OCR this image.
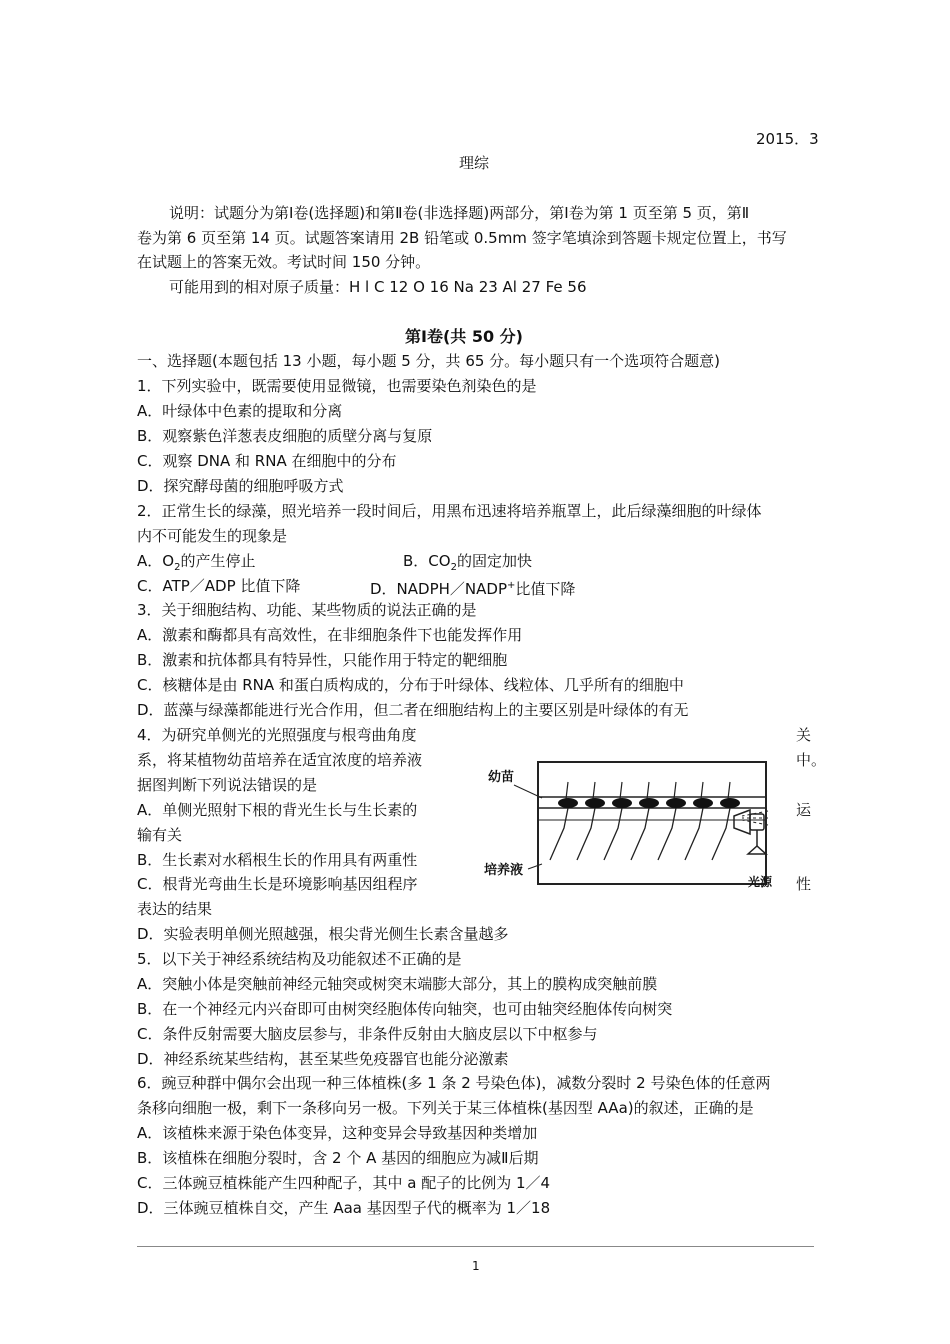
2015．3
理综
说明：试题分为第Ⅰ卷(选择题)和第Ⅱ卷(非选择题)两部分，第Ⅰ卷为第 1 页至第 5 页，第Ⅱ
卷为第 6 页至第 14 页。试题答案请用 2B 铅笔或 0.5mm 签字笔填涂到答题卡规定位置上，书写
在试题上的答案无效。考试时间 150 分钟。
可能用到的相对原子质量：H l C 12 O 16 Na 23 Al 27 Fe 56
第Ⅰ卷(共 50 分)
一、选择题(本题包括 13 小题，每小题 5 分，共 65 分。每小题只有一个选项符合题意)
1．下列实验中，既需要使用显微镜，也需要染色剂染色的是
A．叶绿体中色素的提取和分离
B．观察紫色洋葱表皮细胞的质壁分离与复原
C．观察 DNA 和 RNA 在细胞中的分布
D．探究酵母菌的细胞呼吸方式
2．正常生长的绿藻，照光培养一段时间后，用黑布迅速将培养瓶罩上，此后绿藻细胞的叶绿体
内不可能发生的现象是
A．$O_2$的产生停止	B．$CO_2$的固定加快
C．ATP／ADP 比值下降	D．NADPH／NADP+比值下降
3．关于细胞结构、功能、某些物质的说法正确的是
A．激素和酶都具有高效性，在非细胞条件下也能发挥作用
B．激素和抗体都具有特异性，只能作用于特定的靶细胞
C．核糖体是由 RNA 和蛋白质构成的，分布于叶绿体、线粒体、几乎所有的细胞中
D．蓝藻与绿藻都能进行光合作用，但二者在细胞结构上的主要区别是叶绿体的有无
4．为研究单侧光的光照强度与根弯曲角度	关
系，将某植物幼苗培养在适宜浓度的培养液	中。
据图判断下列说法错误的是
A．单侧光照射下根的背光生长与生长素的	运
输有关
B．生长素对水稻根生长的作用具有两重性
C．根背光弯曲生长是环境影响基因组程序	性
表达的结果
D．实验表明单侧光照越强，根尖背光侧生长素含量越多
幼苗
培养液
光源
5．以下关于神经系统结构及功能叙述不正确的是
A．突触小体是突触前神经元轴突或树突末端膨大部分，其上的膜构成突触前膜
B．在一个神经元内兴奋即可由树突经胞体传向轴突，也可由轴突经胞体传向树突
C．条件反射需要大脑皮层参与，非条件反射由大脑皮层以下中枢参与
D．神经系统某些结构，甚至某些免疫器官也能分泌激素
6．豌豆种群中偶尔会出现一种三体植株(多 1 条 2 号染色体)，减数分裂时 2 号染色体的任意两
条移向细胞一极，剩下一条移向另一极。下列关于某三体植株(基因型 AAa)的叙述，正确的是
A．该植株来源于染色体变异，这种变异会导致基因种类增加
B．该植株在细胞分裂时，含 2 个 A 基因的细胞应为减Ⅱ后期
C．三体豌豆植株能产生四种配子，其中 a 配子的比例为 1／4
D．三体豌豆植株自交，产生 Aaa 基因型子代的概率为 1／18
1
